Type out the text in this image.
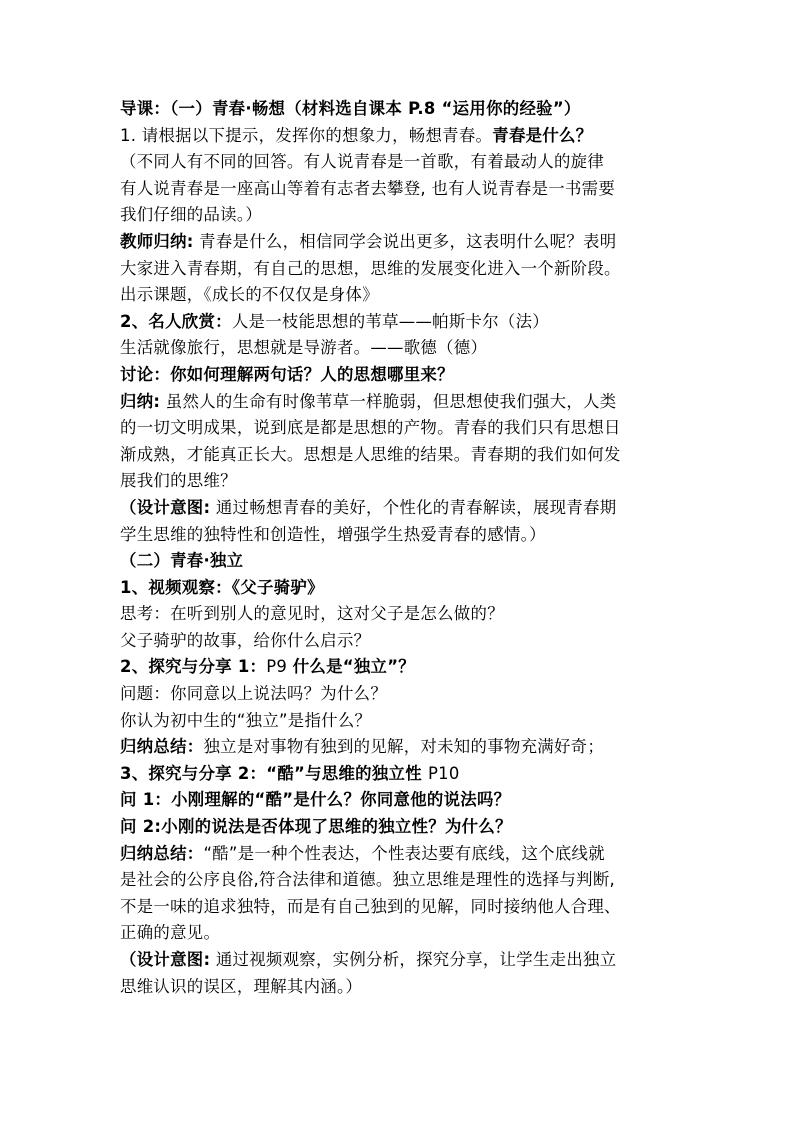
导课：（一）青春·畅想（材料选自课本 P.8 “运用你的经验”）
1. 请根据以下提示，发挥你的想象力，畅想青春。青春是什么？
（不同人有不同的回答。有人说青春是一首歌，有着最动人的旋律
有人说青春是一座高山等着有志者去攀登, 也有人说青春是一书需要
我们仔细的品读。）
教师归纳: 青春是什么，相信同学会说出更多，这表明什么呢？表明
大家进入青春期，有自己的思想，思维的发展变化进入一个新阶段。
出示课题，《成长的不仅仅是身体》
2、名人欣赏：人是一枝能思想的苇草——帕斯卡尔（法）
生活就像旅行，思想就是导游者。——歌德（德）
讨论：你如何理解两句话？人的思想哪里来？
归纳: 虽然人的生命有时像苇草一样脆弱，但思想使我们强大，人类
的一切文明成果，说到底是都是思想的产物。青春的我们只有思想日
渐成熟，才能真正长大。思想是人思维的结果。青春期的我们如何发
展我们的思维？
（设计意图: 通过畅想青春的美好，个性化的青春解读，展现青春期
学生思维的独特性和创造性，增强学生热爱青春的感情。）
（二）青春·独立
1、视频观察：《父子骑驴》
思考：在听到别人的意见时，这对父子是怎么做的？
父子骑驴的故事，给你什么启示？
2、探究与分享 1：P9 什么是“独立”？
问题：你同意以上说法吗？为什么？
你认为初中生的“独立”是指什么？
归纳总结：独立是对事物有独到的见解，对未知的事物充满好奇；
3、探究与分享 2：“酷”与思维的独立性 P10
问 1：小刚理解的“酷”是什么？你同意他的说法吗？
问 2:小刚的说法是否体现了思维的独立性？为什么？
归纳总结：“酷”是一种个性表达，个性表达要有底线，这个底线就
是社会的公序良俗,符合法律和道德。独立思维是理性的选择与判断,
不是一味的追求独特，而是有自己独到的见解，同时接纳他人合理、
正确的意见。
（设计意图: 通过视频观察，实例分析，探究分享，让学生走出独立
思维认识的误区，理解其内涵。）
